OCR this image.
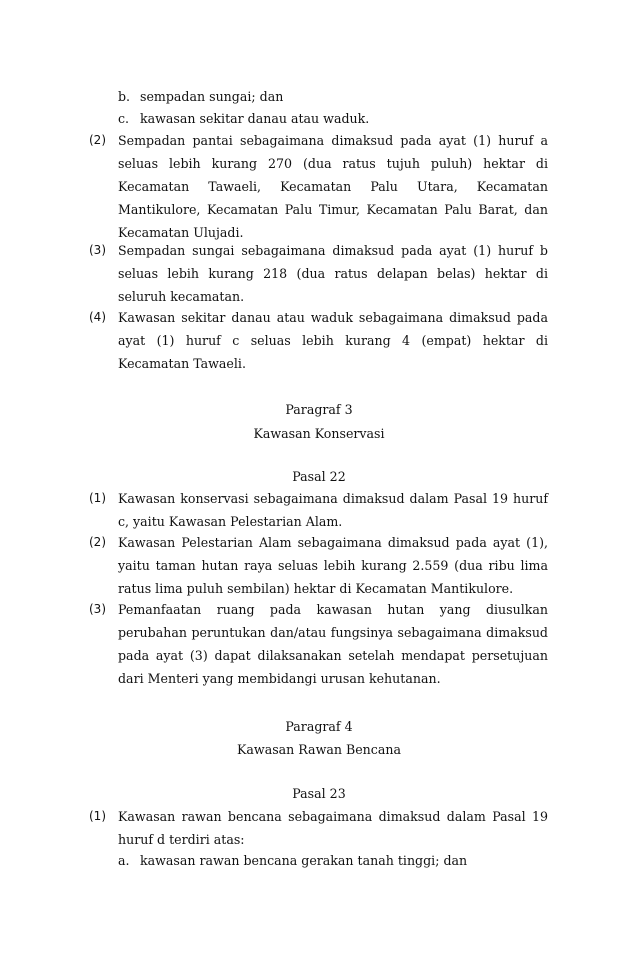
b. sempadan sungai; dan
c. kawasan sekitar danau atau waduk.
(2) Sempadan pantai sebagaimana dimaksud pada ayat (1) huruf a seluas lebih kurang 270 (dua ratus tujuh puluh) hektar di Kecamatan Tawaeli, Kecamatan Palu Utara, Kecamatan Mantikulore, Kecamatan Palu Timur, Kecamatan Palu Barat, dan Kecamatan Ulujadi.
(3) Sempadan sungai sebagaimana dimaksud pada ayat (1) huruf b seluas lebih kurang 218 (dua ratus delapan belas) hektar di seluruh kecamatan.
(4) Kawasan sekitar danau atau waduk sebagaimana dimaksud pada ayat (1) huruf c seluas lebih kurang 4 (empat) hektar di Kecamatan Tawaeli.
Paragraf 3
Kawasan Konservasi
Pasal 22
(1) Kawasan konservasi sebagaimana dimaksud dalam Pasal 19 huruf c, yaitu Kawasan Pelestarian Alam.
(2) Kawasan Pelestarian Alam sebagaimana dimaksud pada ayat (1), yaitu taman hutan raya seluas lebih kurang 2.559 (dua ribu lima ratus lima puluh sembilan) hektar di Kecamatan Mantikulore.
(3) Pemanfaatan ruang pada kawasan hutan yang diusulkan perubahan peruntukan dan/atau fungsinya sebagaimana dimaksud pada ayat (3) dapat dilaksanakan setelah mendapat persetujuan dari Menteri yang membidangi urusan kehutanan.
Paragraf 4
Kawasan Rawan Bencana
Pasal 23
(1) Kawasan rawan bencana sebagaimana dimaksud dalam Pasal 19 huruf d terdiri atas:
a. kawasan rawan bencana gerakan tanah tinggi; dan
